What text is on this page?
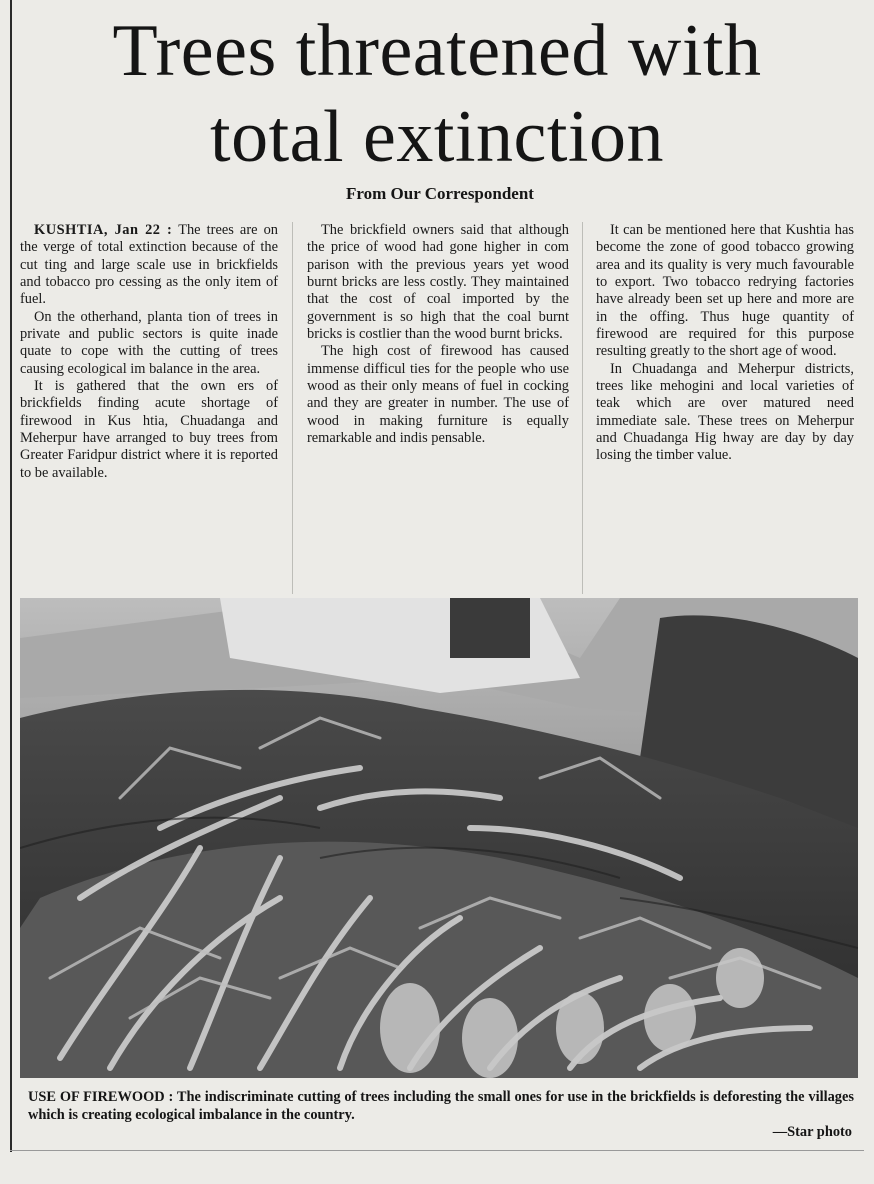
Trees threatened with
total extinction
From Our Correspondent

KUSHTIA, Jan 22 : The trees are on the verge of total extinction because of the cut ting and large scale use in brickfields and tobacco pro cessing as the only item of fuel.

On the otherhand, planta tion of trees in private and public sectors is quite inade quate to cope with the cutting of trees causing ecological im balance in the area.

It is gathered that the own ers of brickfields finding acute shortage of firewood in Kus htia, Chuadanga and Meherpur have arranged to buy trees from Greater Faridpur district where it is reported to be available.

The brickfield owners said that although the price of wood had gone higher in com parison with the previous years yet wood burnt bricks are less costly. They maintained that the cost of coal imported by the government is so high that the coal burnt bricks is costlier than the wood burnt bricks.

The high cost of firewood has caused immense difficul ties for the people who use wood as their only means of fuel in cocking and they are greater in number. The use of wood in making furniture is equally remarkable and indis pensable.

It can be mentioned here that Kushtia has become the zone of good tobacco growing area and its quality is very much favourable to export. Two tobacco redrying factories have already been set up here and more are in the offing. Thus huge quantity of firewood are required for this purpose resulting greatly to the short age of wood.

In Chuadanga and Meherpur districts, trees like mehogini and local varieties of teak which are over matured need immediate sale. These trees on Meherpur and Chuadanga Hig hway are day by day losing the timber value.

USE OF FIREWOOD : The indiscriminate cutting of trees including the small ones for use in the brickfields is deforesting the villages which is creating ecological imbalance in the country.
—Star photo
